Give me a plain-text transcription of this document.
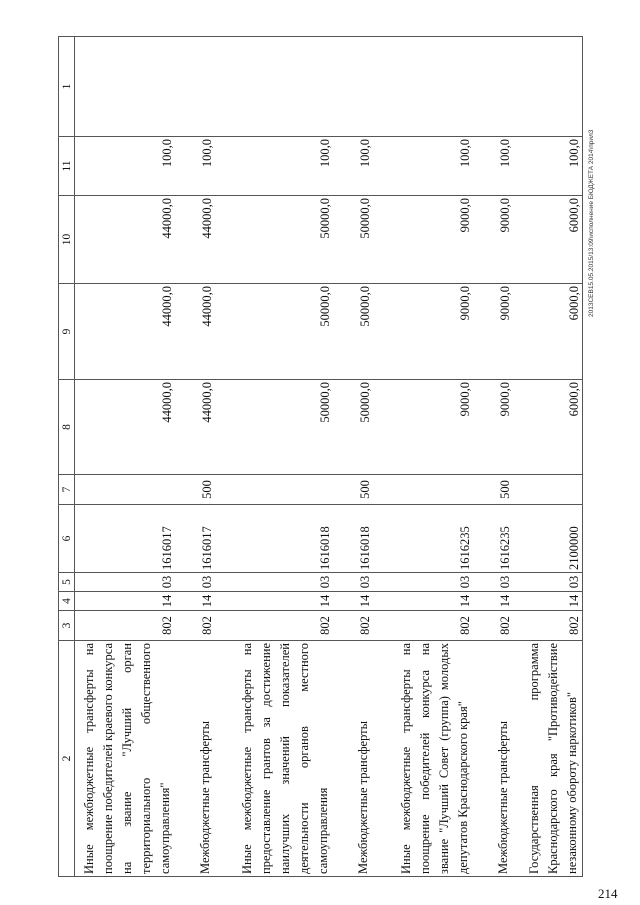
2	3	4	5	6	7	8	9	10	11	1
Иные межбюджетные трансферты на поощрение победителей краевого конкурса на звание "Лучший орган территориального общественного самоуправления"	802	14	03	1616017		44000,0	44000,0	44000,0	100,0	
Межбюджетные трансферты	802	14	03	1616017	500	44000,0	44000,0	44000,0	100,0	
Иные межбюджетные трансферты на предоставление грантов за достижение наилучших значений показателей деятельности органов местного самоуправления	802	14	03	1616018		50000,0	50000,0	50000,0	100,0	
Межбюджетные трансферты	802	14	03	1616018	500	50000,0	50000,0	50000,0	100,0	
Иные межбюджетные трансферты на поощрение победителей конкурса на звание "Лучший Совет (группа) молодых депутатов Краснодарского края"	802	14	03	1616235		9000,0	9000,0	9000,0	100,0	
Межбюджетные трансферты	802	14	03	1616235	500	9000,0	9000,0	9000,0	100,0	
Государственная программа Краснодарского края "Противодействие незаконному обороту наркотиков"	802	14	03	2100000		6000,0	6000,0	6000,0	100,0	2013СЕВ15.05.2015/13:09\исполнение БЮДЖЕТА 2014\прил3
214
